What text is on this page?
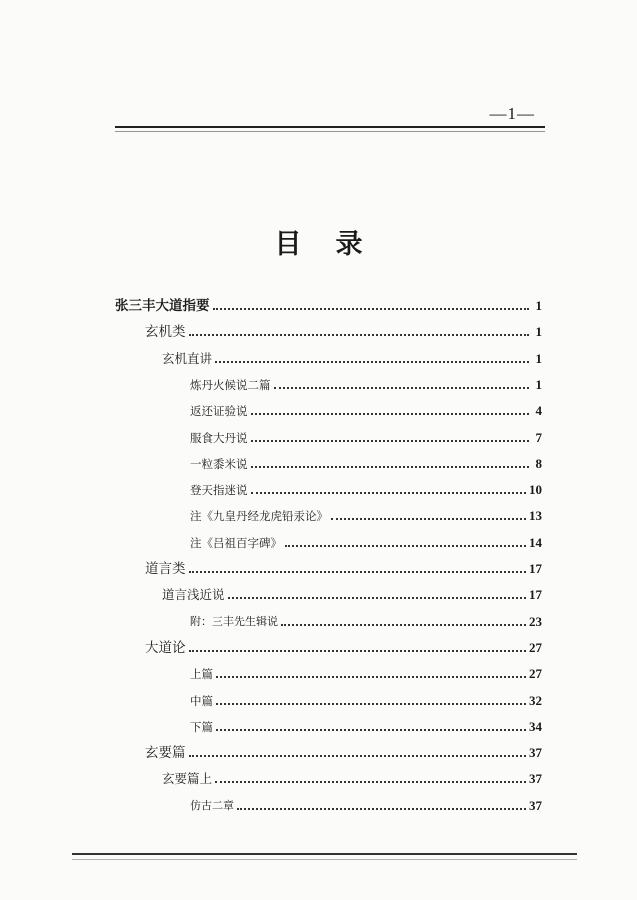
—1—
目录
张三丰大道指要	1
玄机类	1
玄机直讲	1
炼丹火候说二篇	1
返还证验说	4
服食大丹说	7
一粒黍米说	8
登天指迷说	10
注《九皇丹经龙虎铅汞论》	13
注《吕祖百字碑》	14
道言类	17
道言浅近说	17
附：三丰先生辑说	23
大道论	27
上篇	27
中篇	32
下篇	34
玄要篇	37
玄要篇上	37
仿古二章	37
